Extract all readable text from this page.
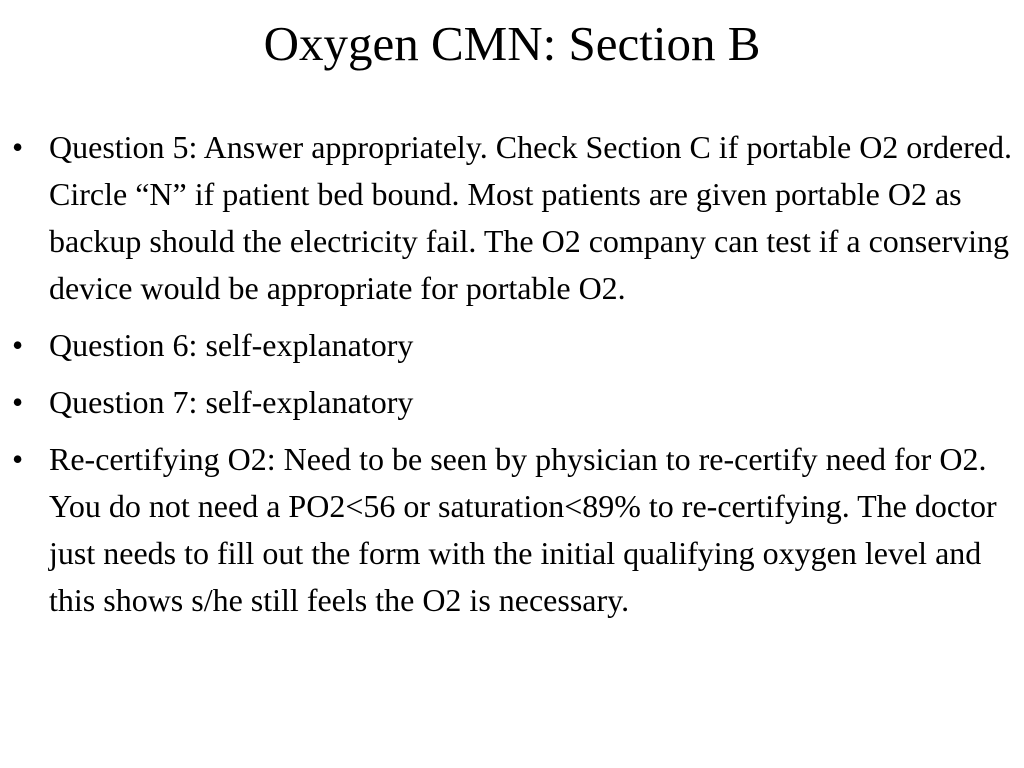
Oxygen CMN: Section B
• Question 5: Answer appropriately. Check Section C if portable O2 ordered. Circle “N” if patient bed bound. Most patients are given portable O2 as backup should the electricity fail. The O2 company can test if a conserving device would be appropriate for portable O2.
• Question 6: self-explanatory
• Question 7: self-explanatory
• Re-certifying O2: Need to be seen by physician to re-certify need for O2. You do not need a PO2<56 or saturation<89% to re-certifying. The doctor just needs to fill out the form with the initial qualifying oxygen level and this shows s/he still feels the O2 is necessary.
